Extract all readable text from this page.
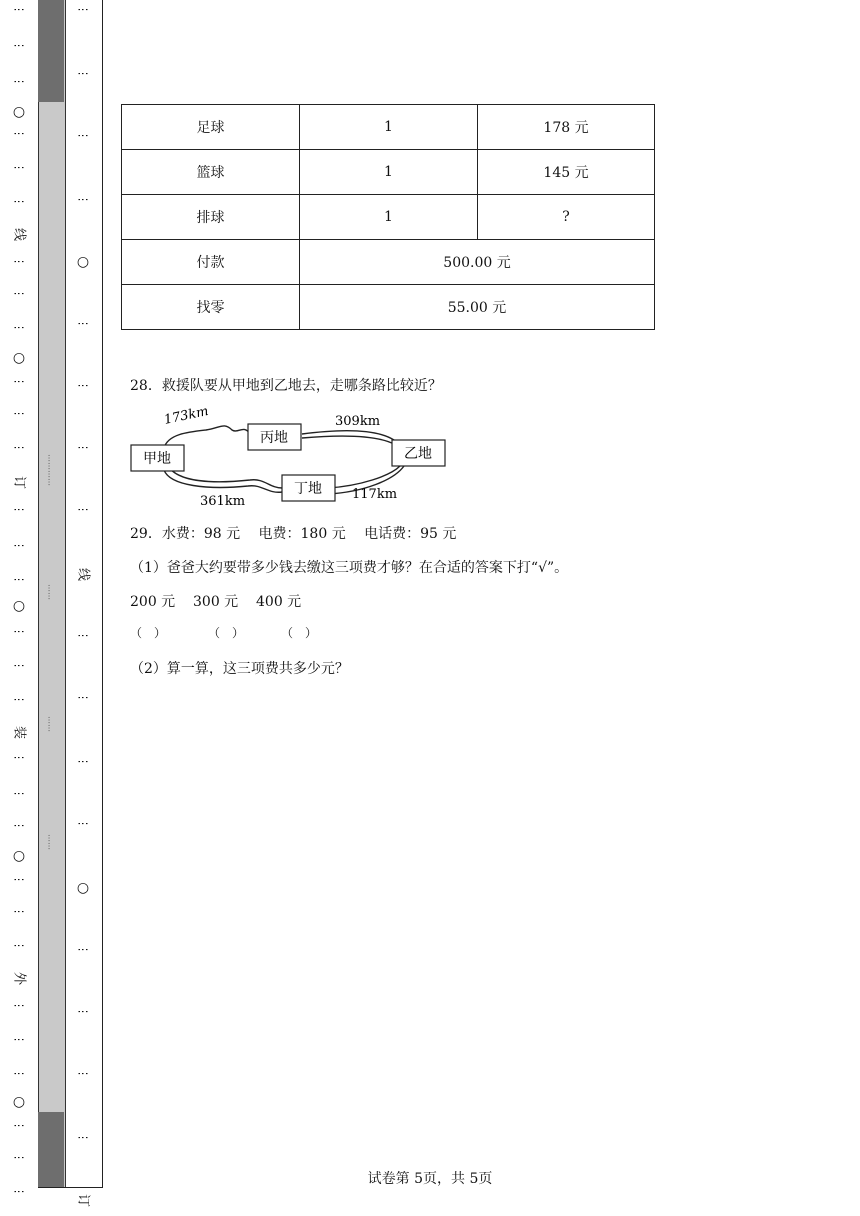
⋮
⋮
⋮
○
⋮
⋮
⋮
线
⋮
⋮
⋮
○
⋮
⋮
⋮
订
⋮
⋮
⋮
○
⋮
⋮
⋮
装
⋮
⋮
⋮
○
⋮
⋮
⋮
外
⋮
⋮
⋮
○
⋮
⋮
⋮
…………
……
……
……
⋮
⋮
⋮
⋮
○
⋮
⋮
⋮
⋮
线
⋮
⋮
⋮
⋮
○
⋮
⋮
⋮
⋮
订
足球	1	178 元
篮球	1	145 元
排球	1	?
付款	500.00 元	
找零	55.00 元	
28．救援队要从甲地到乙地去，走哪条路比较近？
甲地
丙地
乙地
丁地
173km	309km
361km	117km
29．水费：98 元　 电费：180 元　 电话费：95 元
（1）爸爸大约要带多少钱去缴这三项费才够？在合适的答案下打“√”。
200 元 300 元 400 元
（　）	（　）	（　）
（2）算一算，这三项费共多少元？
试卷第 5页，共 5页
